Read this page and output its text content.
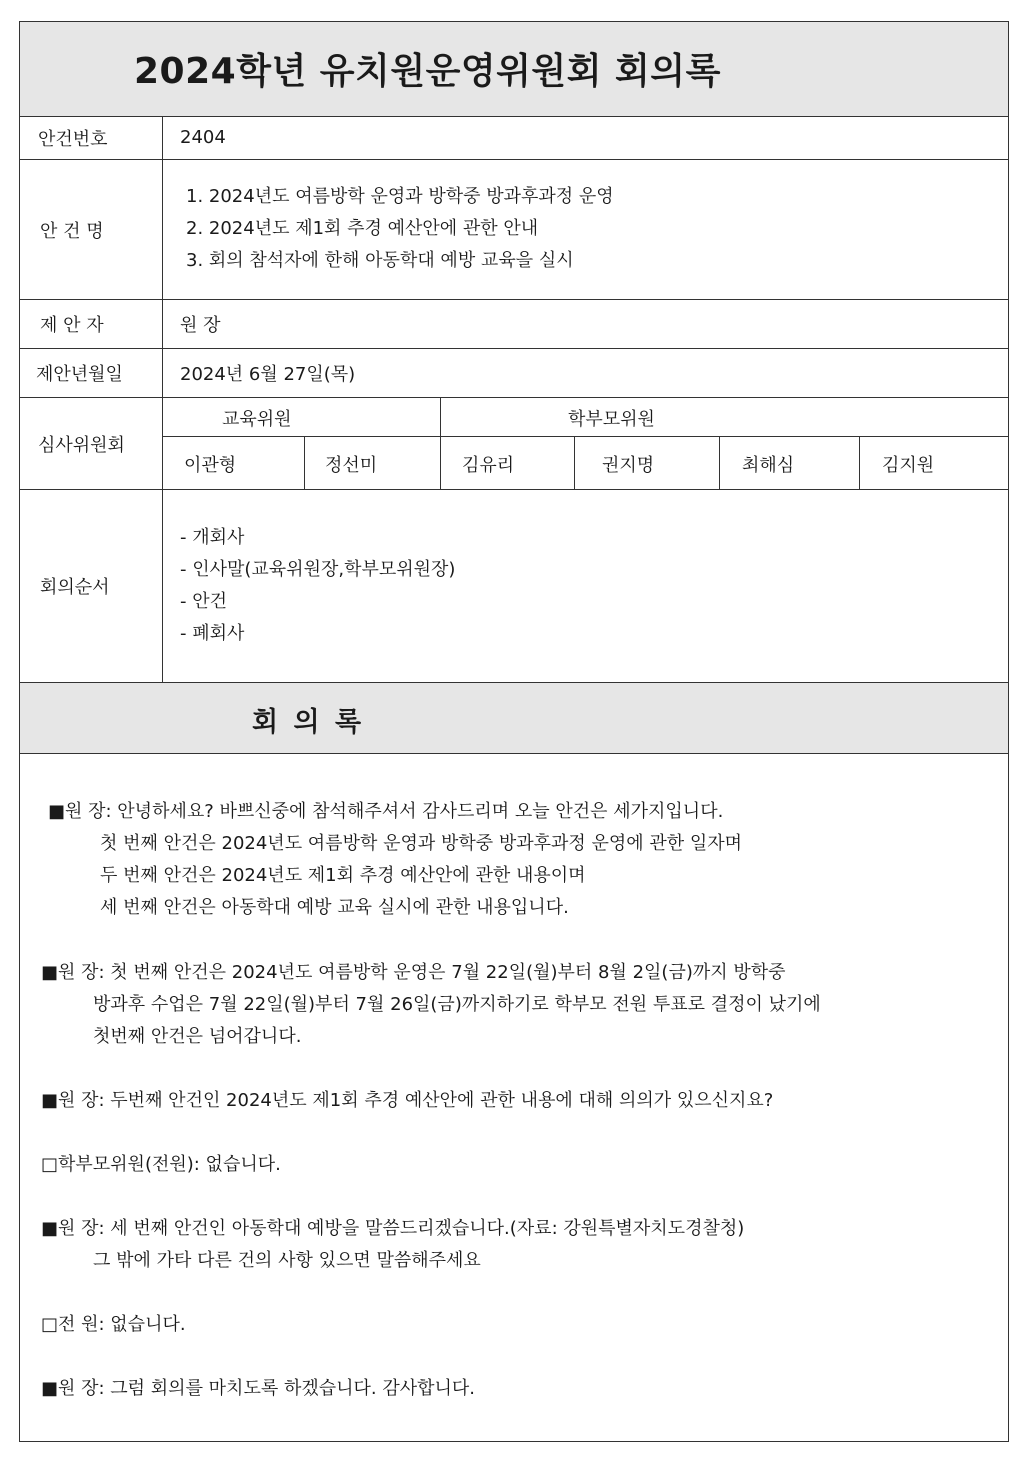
2024학년 유치원운영위원회 회의록
안건번호	2404
안 건 명
1. 2024년도 여름방학 운영과 방학중 방과후과정 운영
2. 2024년도 제1회 추경 예산안에 관한 안내
3. 회의 참석자에 한해 아동학대 예방 교육을 실시
제 안 자	원 장
제안년월일	2024년 6월 27일(목)
심사위원회
교육위원	학부모위원
이관형	정선미	김유리	권지명	최해심	김지원
회의순서
- 개회사
- 인사말(교육위원장,학부모위원장)
- 안건
- 폐회사
회 의 록
■원 장: 안녕하세요? 바쁘신중에 참석해주셔서 감사드리며 오늘 안건은 세가지입니다.
첫 번째 안건은 2024년도 여름방학 운영과 방학중 방과후과정 운영에 관한 일자며
두 번째 안건은 2024년도 제1회 추경 예산안에 관한 내용이며
세 번째 안건은 아동학대 예방 교육 실시에 관한 내용입니다.
■원 장: 첫 번째 안건은 2024년도 여름방학 운영은 7월 22일(월)부터 8월 2일(금)까지 방학중
방과후 수업은 7월 22일(월)부터 7월 26일(금)까지하기로 학부모 전원 투표로 결정이 났기에
첫번째 안건은 넘어갑니다.
■원 장: 두번째 안건인 2024년도 제1회 추경 예산안에 관한 내용에 대해 의의가 있으신지요?
□학부모위원(전원): 없습니다.
■원 장: 세 번째 안건인 아동학대 예방을 말씀드리겠습니다.(자료: 강원특별자치도경찰청)
그 밖에 가타 다른 건의 사항 있으면 말씀해주세요
□전 원: 없습니다.
■원 장: 그럼 회의를 마치도록 하겠습니다. 감사합니다.
